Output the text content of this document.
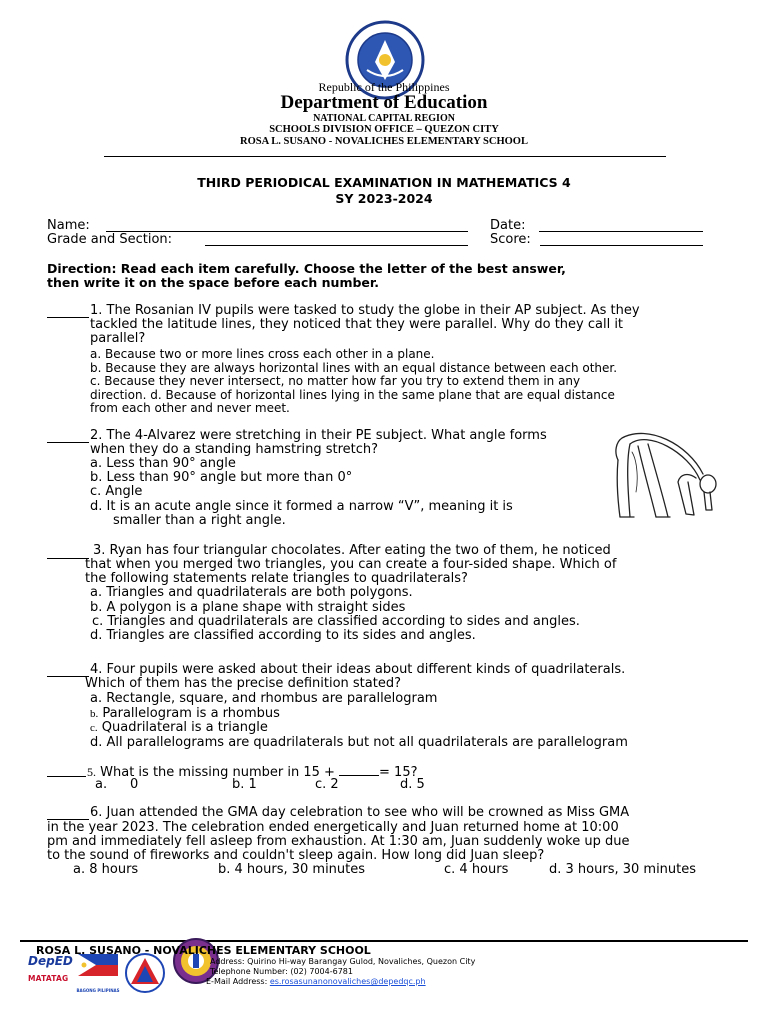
Republic of the Philippines
Department of Education
NATIONAL CAPITAL REGION
SCHOOLS DIVISION OFFICE – QUEZON CITY
ROSA L. SUSANO - NOVALICHES ELEMENTARY SCHOOL
THIRD PERIODICAL EXAMINATION IN MATHEMATICS 4
SY 2023-2024
Name:	Date:
Grade and Section:	Score:
Direction: Read each item carefully. Choose the letter of the best answer,
then write it on the space before each number.
1. The Rosanian IV pupils were tasked to study the globe in their AP subject. As they
tackled the latitude lines, they noticed that they were parallel. Why do they call it
parallel?
a. Because two or more lines cross each other in a plane.
b. Because they are always horizontal lines with an equal distance between each other.
c. Because they never intersect, no matter how far you try to extend them in any
direction. d. Because of horizontal lines lying in the same plane that are equal distance
from each other and never meet.
2. The 4-Alvarez were stretching in their PE subject. What angle forms
when they do a standing hamstring stretch?
a. Less than 90° angle
b. Less than 90° angle but more than 0°
c. Angle
d. It is an acute angle since it formed a narrow “V”, meaning it is
smaller than a right angle.
3. Ryan has four triangular chocolates. After eating the two of them, he noticed
that when you merged two triangles, you can create a four-sided shape. Which of
the following statements relate triangles to quadrilaterals?
a. Triangles and quadrilaterals are both polygons.
b. A polygon is a plane shape with straight sides
c. Triangles and quadrilaterals are classified according to sides and angles.
d. Triangles are classified according to its sides and angles.
4. Four pupils were asked about their ideas about different kinds of quadrilaterals.
Which of them has the precise definition stated?
a. Rectangle, square, and rhombus are parallelogram
b. Parallelogram is a rhombus
c. Quadrilateral is a triangle
d. All parallelograms are quadrilaterals but not all quadrilaterals are parallelogram
5. What is the missing number in 15 +	= 15?
a. 0	b. 1	c. 2	d. 5
6. Juan attended the GMA day celebration to see who will be crowned as Miss GMA
in the year 2023. The celebration ended energetically and Juan returned home at 10:00
pm and immediately fell asleep from exhaustion. At 1:30 am, Juan suddenly woke up due
to the sound of fireworks and couldn't sleep again. How long did Juan sleep?
a. 8 hours	b. 4 hours, 30 minutes	c. 4 hours	d. 3 hours, 30 minutes
DepED
MATATAG
BAGONG PILIPINAS
ROSA L. SUSANO - NOVALICHES ELEMENTARY SCHOOL
Address: Quirino Hi-way Barangay Gulod, Novaliches, Quezon City
Telephone Number: (02) 7004-6781
E-Mail Address: es.rosasunanonovaliches@depedqc.ph
